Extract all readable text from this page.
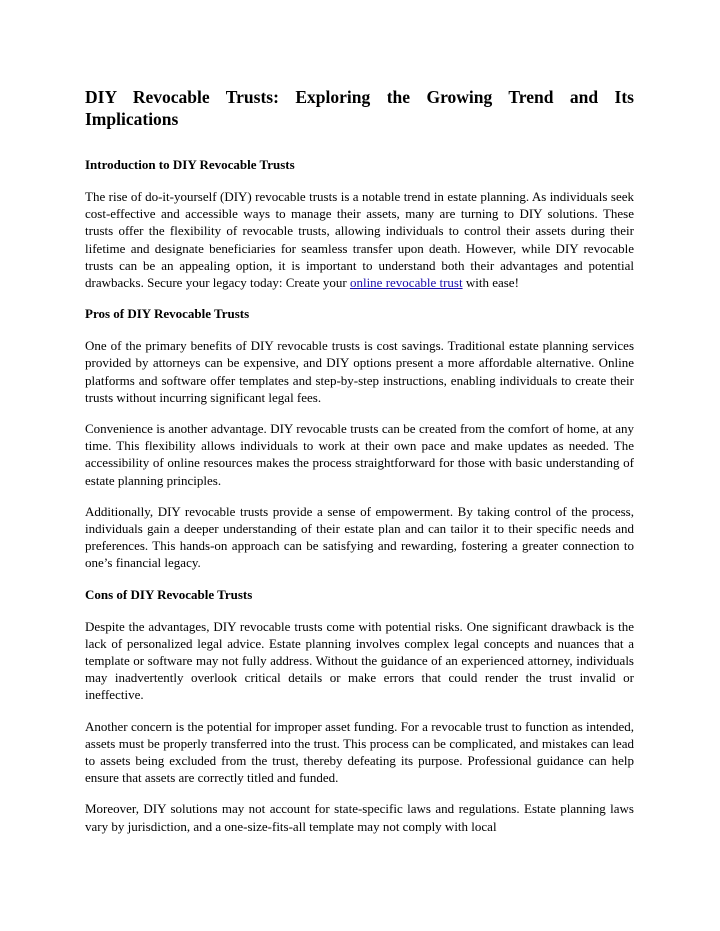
DIY Revocable Trusts: Exploring the Growing Trend and Its Implications
Introduction to DIY Revocable Trusts

The rise of do-it-yourself (DIY) revocable trusts is a notable trend in estate planning. As individuals seek cost-effective and accessible ways to manage their assets, many are turning to DIY solutions. These trusts offer the flexibility of revocable trusts, allowing individuals to control their assets during their lifetime and designate beneficiaries for seamless transfer upon death. However, while DIY revocable trusts can be an appealing option, it is important to understand both their advantages and potential drawbacks. Secure your legacy today: Create your online revocable trust with ease!

Pros of DIY Revocable Trusts

One of the primary benefits of DIY revocable trusts is cost savings. Traditional estate planning services provided by attorneys can be expensive, and DIY options present a more affordable alternative. Online platforms and software offer templates and step-by-step instructions, enabling individuals to create their trusts without incurring significant legal fees.

Convenience is another advantage. DIY revocable trusts can be created from the comfort of home, at any time. This flexibility allows individuals to work at their own pace and make updates as needed. The accessibility of online resources makes the process straightforward for those with basic understanding of estate planning principles.

Additionally, DIY revocable trusts provide a sense of empowerment. By taking control of the process, individuals gain a deeper understanding of their estate plan and can tailor it to their specific needs and preferences. This hands-on approach can be satisfying and rewarding, fostering a greater connection to one’s financial legacy.

Cons of DIY Revocable Trusts

Despite the advantages, DIY revocable trusts come with potential risks. One significant drawback is the lack of personalized legal advice. Estate planning involves complex legal concepts and nuances that a template or software may not fully address. Without the guidance of an experienced attorney, individuals may inadvertently overlook critical details or make errors that could render the trust invalid or ineffective.

Another concern is the potential for improper asset funding. For a revocable trust to function as intended, assets must be properly transferred into the trust. This process can be complicated, and mistakes can lead to assets being excluded from the trust, thereby defeating its purpose. Professional guidance can help ensure that assets are correctly titled and funded.

Moreover, DIY solutions may not account for state-specific laws and regulations. Estate planning laws vary by jurisdiction, and a one-size-fits-all template may not comply with local
